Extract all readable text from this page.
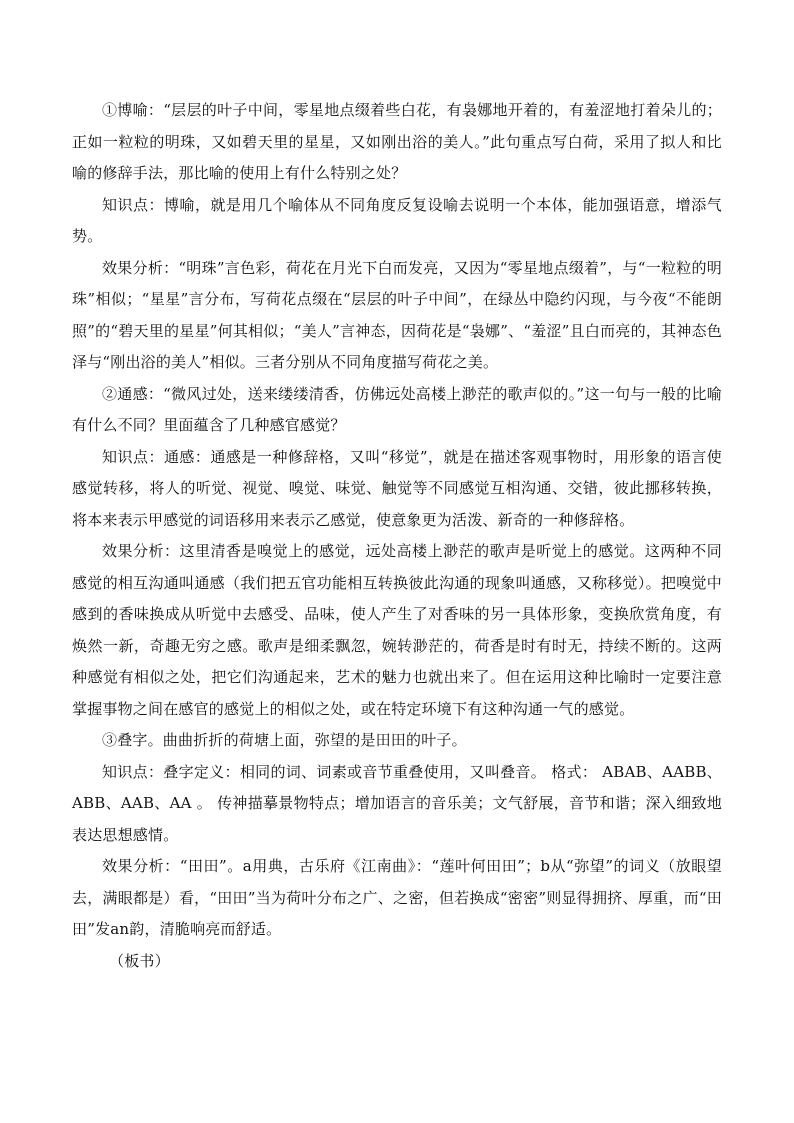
①博喻：“层层的叶子中间，零星地点缀着些白花，有袅娜地开着的，有羞涩地打着朵儿的；正如一粒粒的明珠，又如碧天里的星星，又如刚出浴的美人。”此句重点写白荷，采用了拟人和比喻的修辞手法，那比喻的使用上有什么特别之处？

知识点：博喻，就是用几个喻体从不同角度反复设喻去说明一个本体，能加强语意，增添气势。

效果分析：“明珠”言色彩，荷花在月光下白而发亮，又因为“零星地点缀着”，与“一粒粒的明珠”相似；“星星”言分布，写荷花点缀在“层层的叶子中间”，在绿丛中隐约闪现，与今夜“不能朗照”的“碧天里的星星”何其相似；“美人”言神态，因荷花是“袅娜”、“羞涩”且白而亮的，其神态色泽与“刚出浴的美人”相似。三者分别从不同角度描写荷花之美。

②通感：“微风过处，送来缕缕清香，仿佛远处高楼上渺茫的歌声似的。”这一句与一般的比喻有什么不同？里面蕴含了几种感官感觉？

知识点：通感：通感是一种修辞格，又叫“移觉”，就是在描述客观事物时，用形象的语言使感觉转移，将人的听觉、视觉、嗅觉、味觉、触觉等不同感觉互相沟通、交错，彼此挪移转换，将本来表示甲感觉的词语移用来表示乙感觉，使意象更为活泼、新奇的一种修辞格。

效果分析：这里清香是嗅觉上的感觉，远处高楼上渺茫的歌声是听觉上的感觉。这两种不同感觉的相互沟通叫通感（我们把五官功能相互转换彼此沟通的现象叫通感，又称移觉）。把嗅觉中感到的香味换成从听觉中去感受、品味，使人产生了对香味的另一具体形象，变换欣赏角度，有焕然一新，奇趣无穷之感。歌声是细柔飘忽，婉转渺茫的，荷香是时有时无，持续不断的。这两种感觉有相似之处，把它们沟通起来，艺术的魅力也就出来了。但在运用这种比喻时一定要注意掌握事物之间在感官的感觉上的相似之处，或在特定环境下有这种沟通一气的感觉。

③叠字。曲曲折折的荷塘上面，弥望的是田田的叶子。

知识点：叠字定义：相同的词、词素或音节重叠使用，又叫叠音。 格式： ABAB、AABB、ABB、AAB、AA 。 传神描摹景物特点；增加语言的音乐美；文气舒展，音节和谐；深入细致地表达思想感情。

效果分析：“田田”。a用典，古乐府《江南曲》：“莲叶何田田”；b从“弥望”的词义（放眼望去，满眼都是）看，“田田”当为荷叶分布之广、之密，但若换成“密密”则显得拥挤、厚重，而“田田”发an韵，清脆响亮而舒适。

（板书）
